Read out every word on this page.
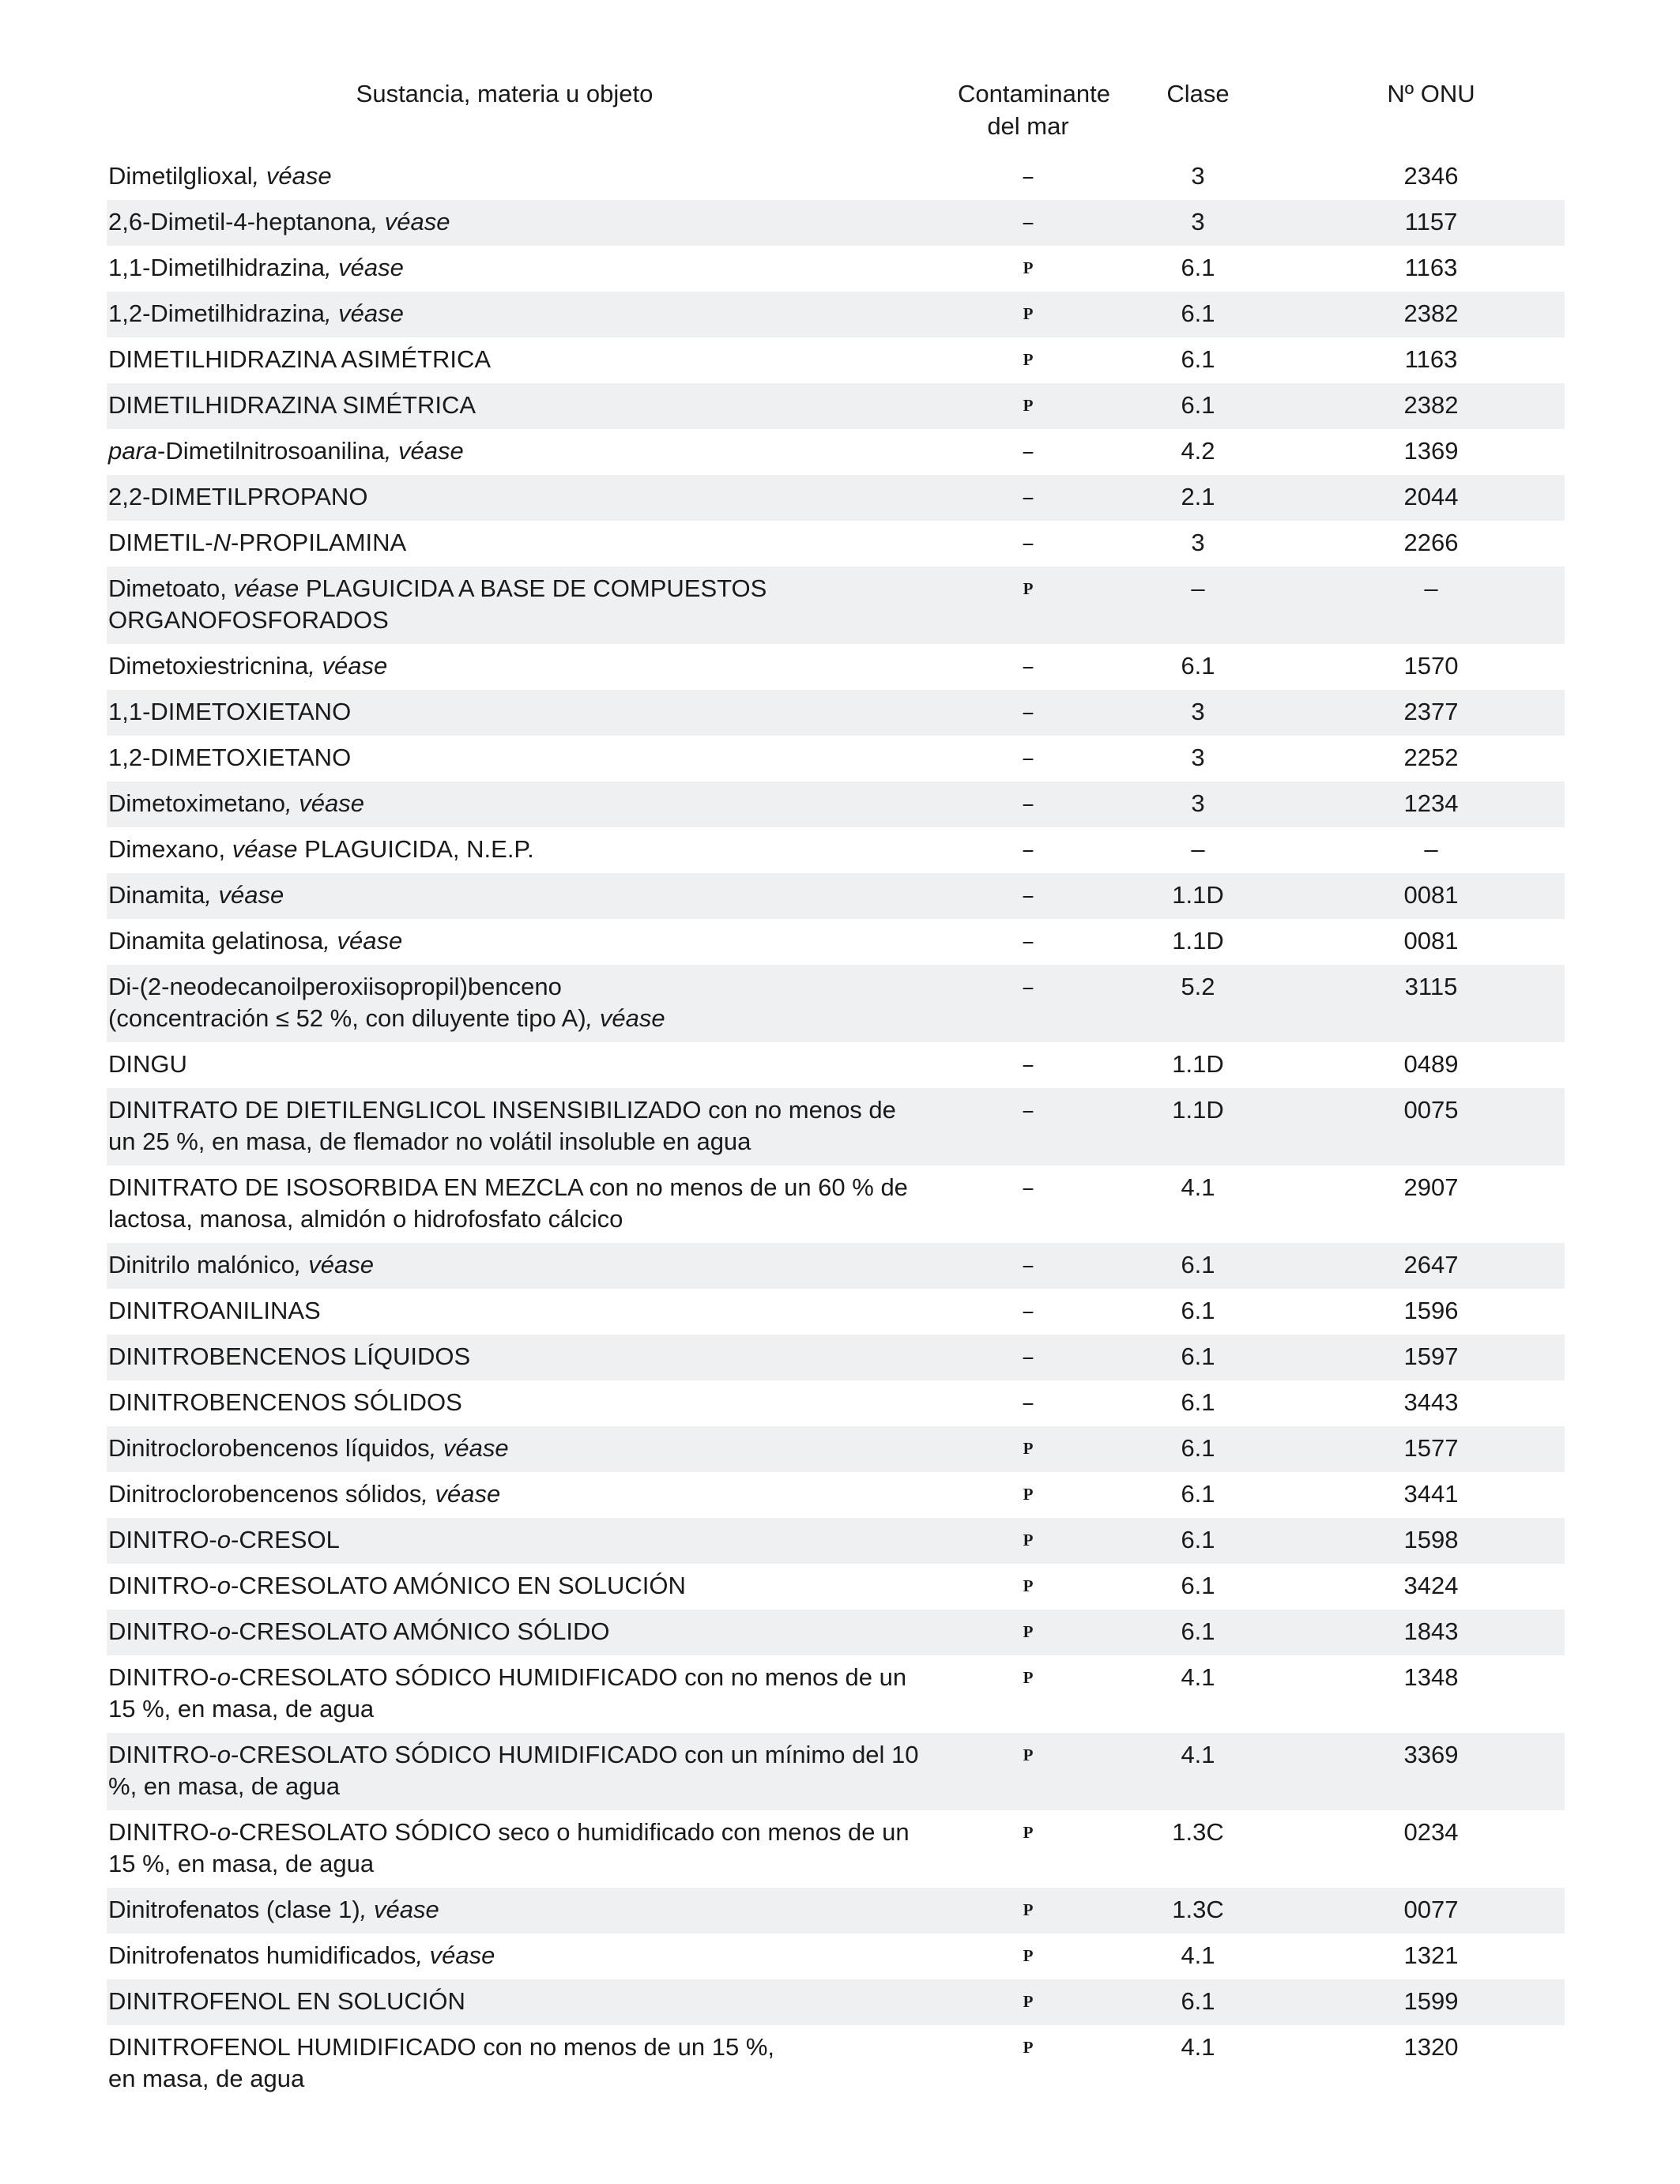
Sustancia, materia u objeto	Contaminante del mar	Clase	Nº ONU
Dimetilglioxal, véase	–	3	2346
2,6-Dimetil-4-heptanona, véase	–	3	1157
1,1-Dimetilhidrazina, véase	P	6.1	1163
1,2-Dimetilhidrazina, véase	P	6.1	2382
DIMETILHIDRAZINA ASIMÉTRICA	P	6.1	1163
DIMETILHIDRAZINA SIMÉTRICA	P	6.1	2382
para-Dimetilnitrosoanilina, véase	–	4.2	1369
2,2-DIMETILPROPANO	–	2.1	2044
DIMETIL-N-PROPILAMINA	–	3	2266
Dimetoato, véase PLAGUICIDA A BASE DE COMPUESTOS ORGANOFOSFORADOS	P	–	–
Dimetoxiestricnina, véase	–	6.1	1570
1,1-DIMETOXIETANO	–	3	2377
1,2-DIMETOXIETANO	–	3	2252
Dimetoximetano, véase	–	3	1234
Dimexano, véase PLAGUICIDA, N.E.P.	–	–	–
Dinamita, véase	–	1.1D	0081
Dinamita gelatinosa, véase	–	1.1D	0081
Di-(2-neodecanoilperoxiisopropil)benceno
(concentración ≤ 52 %, con diluyente tipo A), véase	–	5.2	3115
DINGU	–	1.1D	0489
DINITRATO DE DIETILENGLICOL INSENSIBILIZADO con no menos de un 25 %, en masa, de flemador no volátil insoluble en agua	–	1.1D	0075
DINITRATO DE ISOSORBIDA EN MEZCLA con no menos de un 60 % de lactosa, manosa, almidón o hidrofosfato cálcico	–	4.1	2907
Dinitrilo malónico, véase	–	6.1	2647
DINITROANILINAS	–	6.1	1596
DINITROBENCENOS LÍQUIDOS	–	6.1	1597
DINITROBENCENOS SÓLIDOS	–	6.1	3443
Dinitroclorobencenos líquidos, véase	P	6.1	1577
Dinitroclorobencenos sólidos, véase	P	6.1	3441
DINITRO-o-CRESOL	P	6.1	1598
DINITRO-o-CRESOLATO AMÓNICO EN SOLUCIÓN	P	6.1	3424
DINITRO-o-CRESOLATO AMÓNICO SÓLIDO	P	6.1	1843
DINITRO-o-CRESOLATO SÓDICO HUMIDIFICADO con no menos de un 15 %, en masa, de agua	P	4.1	1348
DINITRO-o-CRESOLATO SÓDICO HUMIDIFICADO con un mínimo del 10 %, en masa, de agua	P	4.1	3369
DINITRO-o-CRESOLATO SÓDICO seco o humidificado con menos de un 15 %, en masa, de agua	P	1.3C	0234
Dinitrofenatos (clase 1), véase	P	1.3C	0077
Dinitrofenatos humidificados, véase	P	4.1	1321
DINITROFENOL EN SOLUCIÓN	P	6.1	1599
DINITROFENOL HUMIDIFICADO con no menos de un 15 %,
en masa, de agua	P	4.1	1320
